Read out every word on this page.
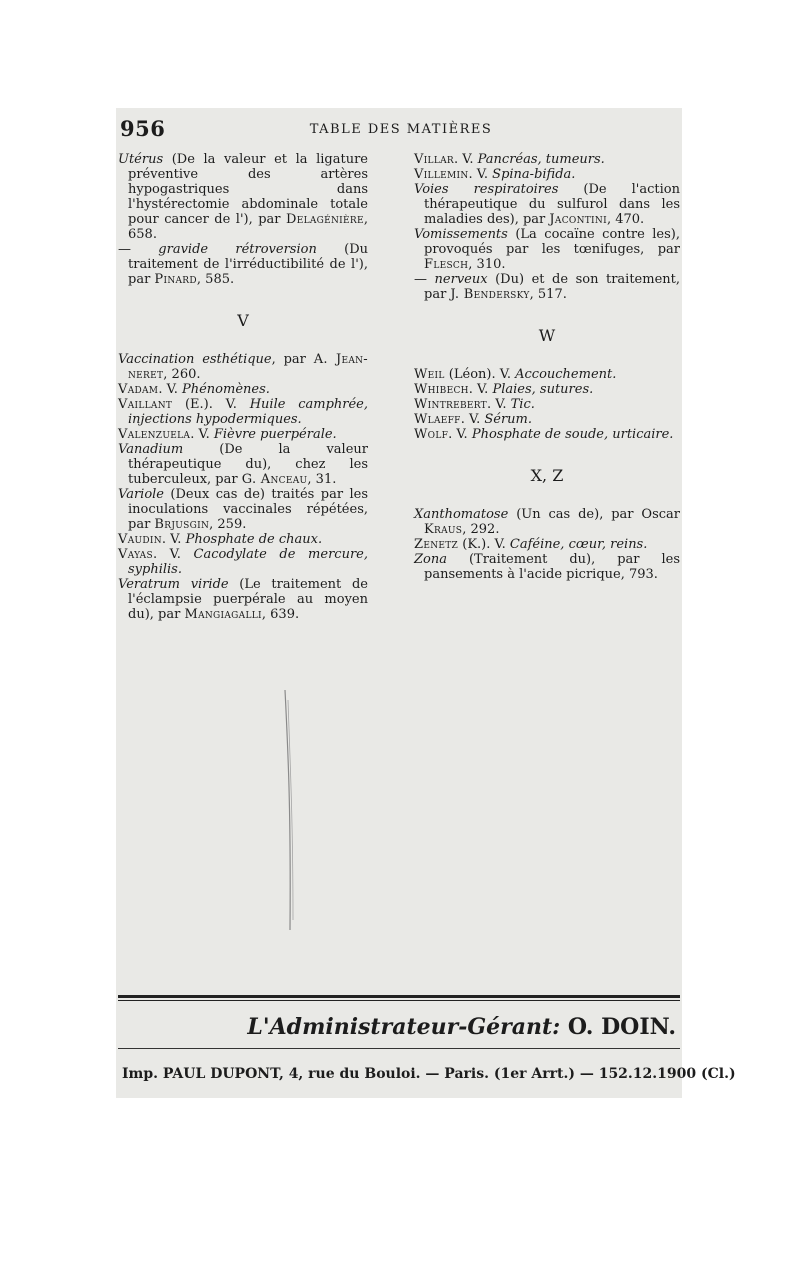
956	TABLE DES MATIÈRES
Utérus (De la valeur et la ligature préventive des artères hypogastriques dans l'hystérectomie abdominale totale pour cancer de l'), par Delagénière, 658.
— gravide rétroversion (Du traitement de l'irréductibilité de l'), par Pinard, 585.
V
Vaccination esthétique, par A. Jean-neret, 260.
Vadam. V. Phénomènes.
Vaillant (E.). V. Huile camphrée, injections hypodermiques.
Valenzuela. V. Fièvre puerpérale.
Vanadium (De la valeur thérapeutique du), chez les tuberculeux, par G. Anceau, 31.
Variole (Deux cas de) traités par les inoculations vaccinales répétées, par Brjusgin, 259.
Vaudin. V. Phosphate de chaux.
Vayas. V. Cacodylate de mercure, syphilis.
Veratrum viride (Le traitement de l'éclampsie puerpérale au moyen du), par Mangiagalli, 639.
Villar. V. Pancréas, tumeurs.
Villemin. V. Spina-bifida.
Voies respiratoires (De l'action thérapeutique du sulfurol dans les maladies des), par Jacontini, 470.
Vomissements (La cocaïne contre les), provoqués par les tœnifuges, par Flesch, 310.
— nerveux (Du) et de son traitement, par J. Bendersky, 517.
W
Weil (Léon). V. Accouchement.
Whibech. V. Plaies, sutures.
Wintrebert. V. Tic.
Wlaeff. V. Sérum.
Wolf. V. Phosphate de soude, urticaire.
X, Z
Xanthomatose (Un cas de), par Oscar Kraus, 292.
Zenetz (K.). V. Caféine, cœur, reins.
Zona (Traitement du), par les pansements à l'acide picrique, 793.
L'Administrateur-Gérant: O. DOIN.
Imp. PAUL DUPONT, 4, rue du Bouloi. — Paris. (1er Arrt.) — 152.12.1900 (Cl.)
